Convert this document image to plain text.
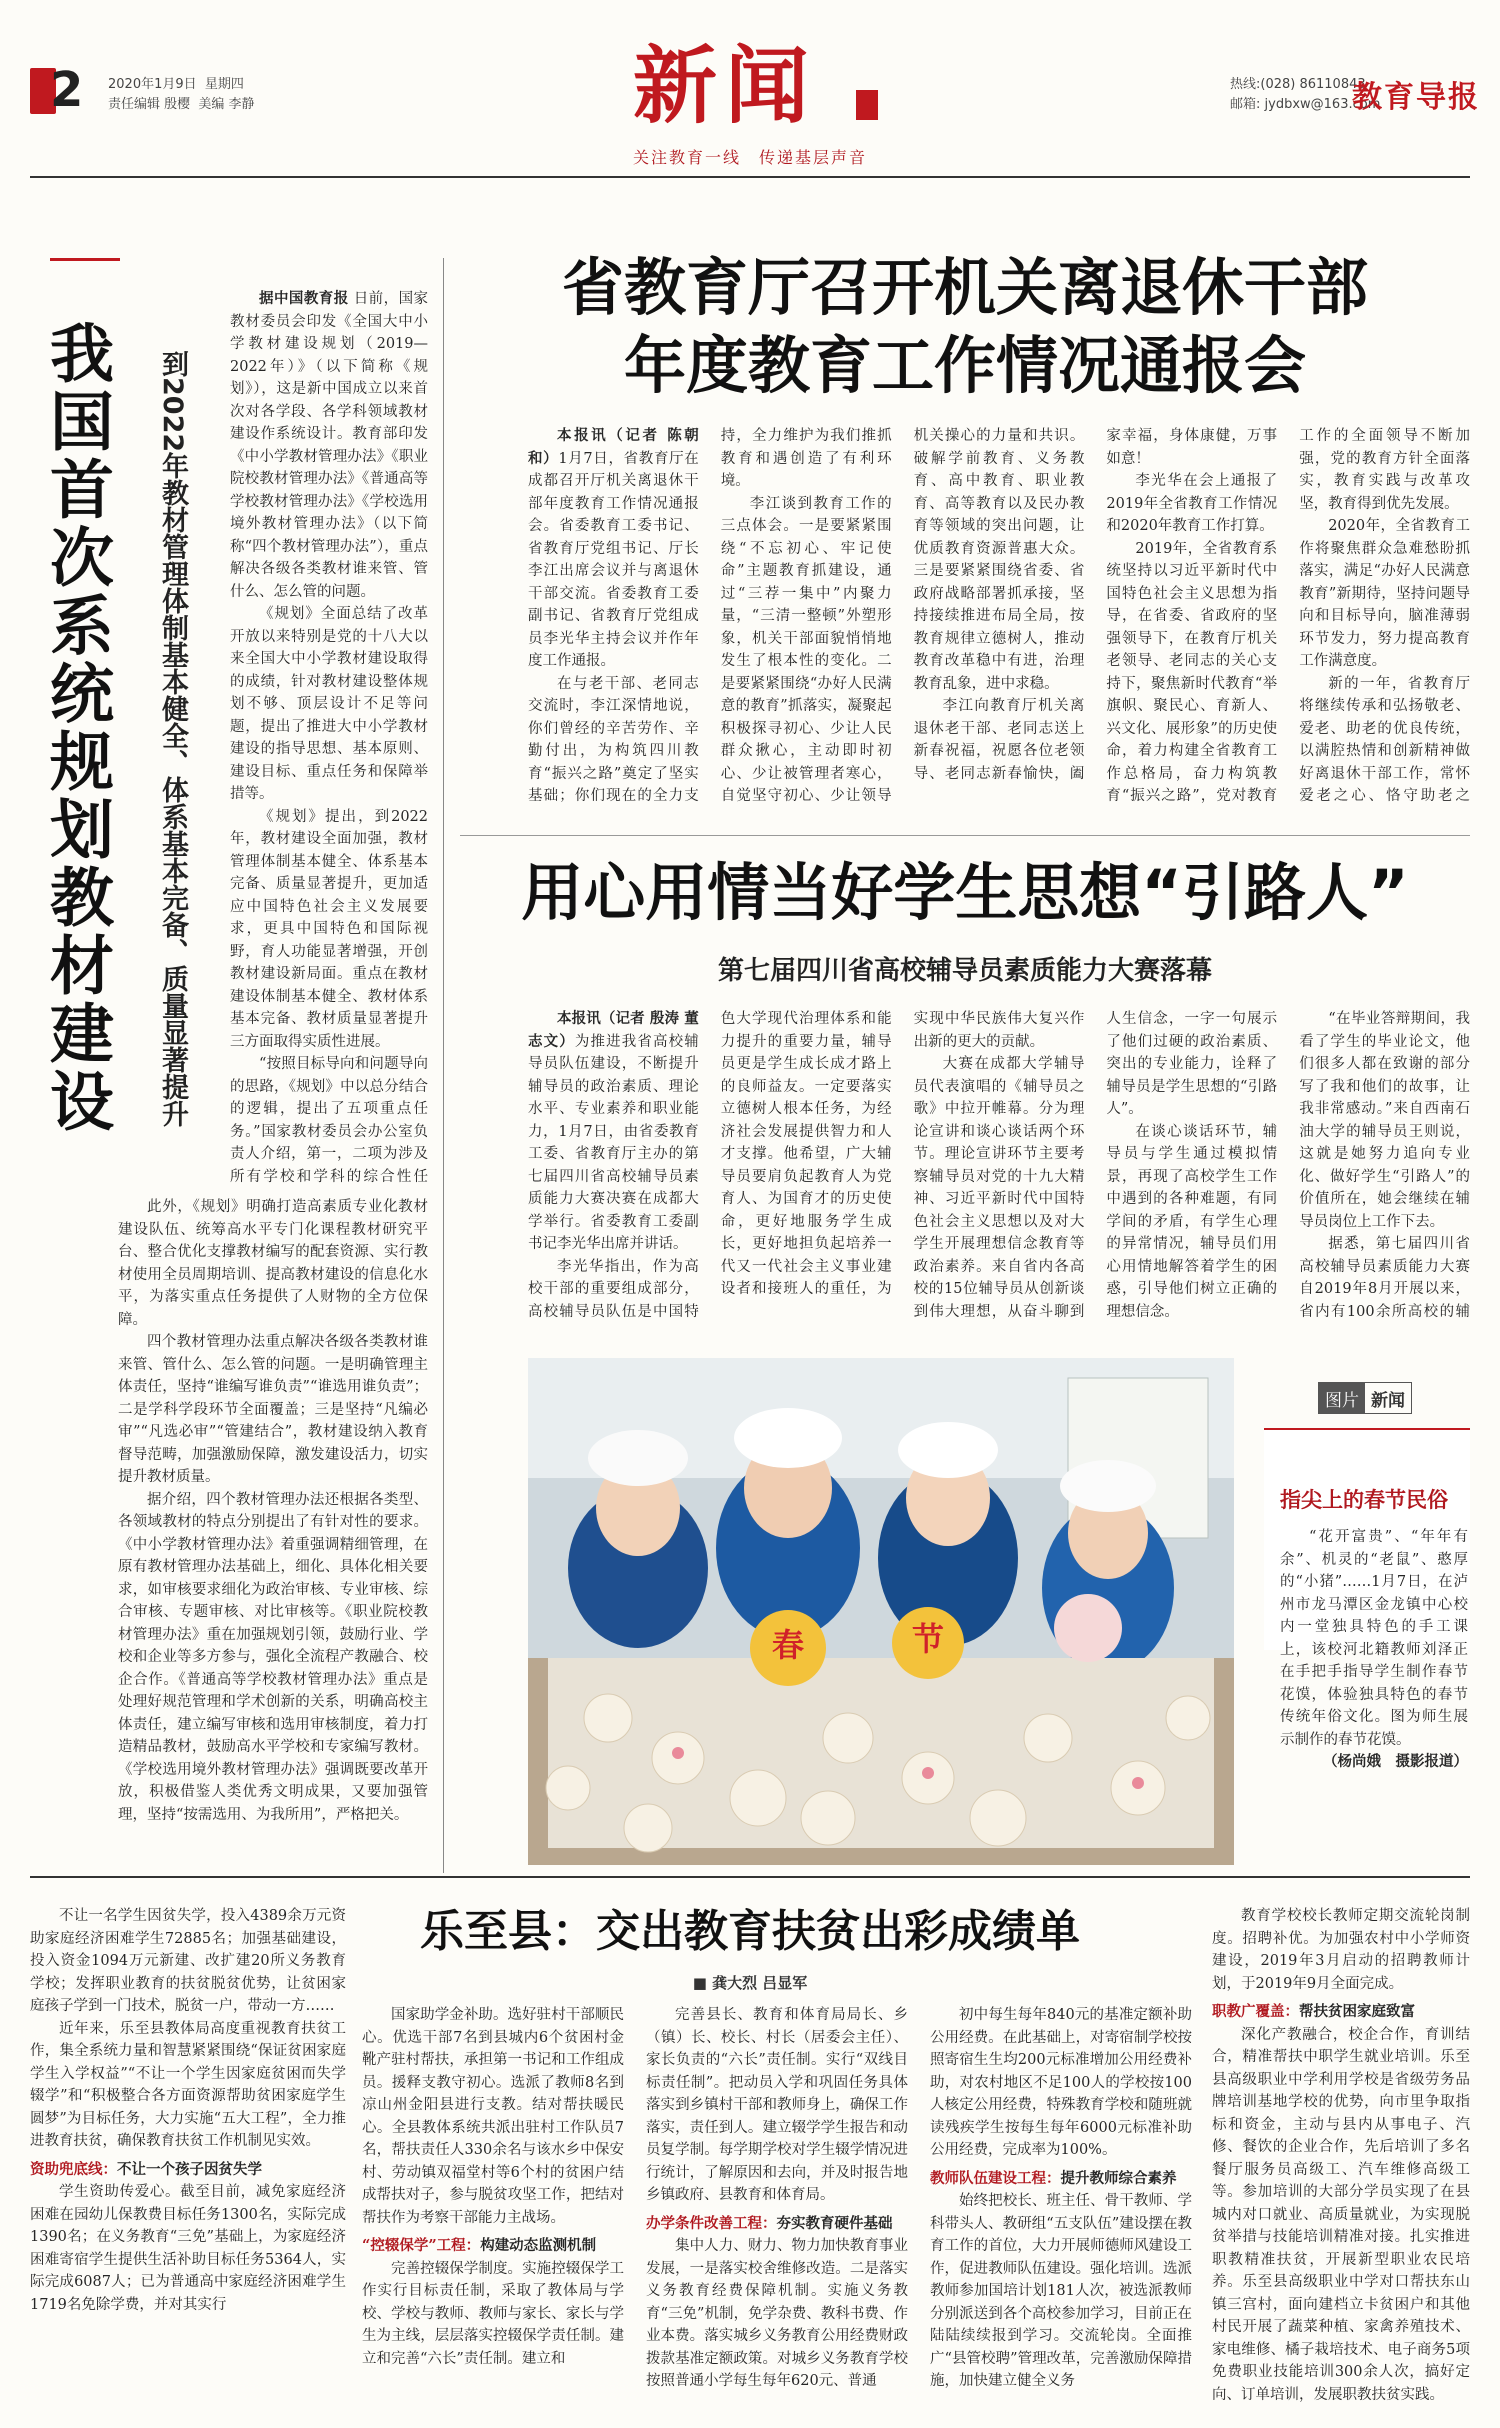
2 2020年1月9日 星期四
责任编辑 殷樱 美编 李静	新闻
关注教育一线　传递基层声音
热线:(028) 86110843
邮箱: jydbxw@163.com
教育导报
我国首次系统规划教材建设	到2022年教材管理体制基本健全、体系基本完备、质量显著提升

据中国教育报 日前，国家教材委员会印发《全国大中小学教材建设规划（2019—2022年）》（以下简称《规划》），这是新中国成立以来首次对各学段、各学科领域教材建设作系统设计。教育部印发《中小学教材管理办法》《职业院校教材管理办法》《普通高等学校教材管理办法》《学校选用境外教材管理办法》（以下简称“四个教材管理办法”），重点解决各级各类教材谁来管、管什么、怎么管的问题。

《规划》全面总结了改革开放以来特别是党的十八大以来全国大中小学教材建设取得的成绩，针对教材建设整体规划不够、顶层设计不足等问题，提出了推进大中小学教材建设的指导思想、基本原则、建设目标、重点任务和保障举措等。

《规划》提出，到2022年，教材建设全面加强，教材管理体制基本健全、体系基本完备、质量显著提升，更加适应中国特色社会主义发展要求，更具中国特色和国际视野，育人功能显著增强，开创教材建设新局面。重点在教材建设体制基本健全、教材体系基本完备、教材质量显著提升三方面取得实质性进展。

“按照目标导向和问题导向的思路，《规划》中以总分结合的逻辑，提出了五项重点任务。”国家教材委员会办公室负责人介绍，第一，二项为涉及所有学校和学科的综合性任

此外，《规划》明确打造高素质专业化教材建设队伍、统筹高水平专门化课程教材研究平台、整合优化支撑教材编写的配套资源、实行教材使用全员周期培训、提高教材建设的信息化水平，为落实重点任务提供了人财物的全方位保障。

四个教材管理办法重点解决各级各类教材谁来管、管什么、怎么管的问题。一是明确管理主体责任，坚持“谁编写谁负责”“谁选用谁负责”；二是学科学段环节全面覆盖；三是坚持“凡编必审”“凡选必审”“管建结合”，教材建设纳入教育督导范畴，加强激励保障，激发建设活力，切实提升教材质量。

据介绍，四个教材管理办法还根据各类型、各领域教材的特点分别提出了有针对性的要求。《中小学教材管理办法》着重强调精细管理，在原有教材管理办法基础上，细化、具体化相关要求，如审核要求细化为政治审核、专业审核、综合审核、专题审核、对比审核等。《职业院校教材管理办法》重在加强规划引领，鼓励行业、学校和企业等多方参与，强化全流程产教融合、校企合作。《普通高等学校教材管理办法》重点是处理好规范管理和学术创新的关系，明确高校主体责任，建立编写审核和选用审核制度，着力打造精品教材，鼓励高水平学校和专家编写教材。《学校选用境外教材管理办法》强调既要改革开放，积极借鉴人类优秀文明成果，又要加强管理，坚持“按需选用、为我所用”，严格把关。

省教育厅召开机关离退休干部
年度教育工作情况通报会

本报讯（记者 陈朝和）1月7日，省教育厅在成都召开厅机关离退休干部年度教育工作情况通报会。省委教育工委书记、省教育厅党组书记、厅长李江出席会议并与离退休干部交流。省委教育工委副书记、省教育厅党组成员李光华主持会议并作年度工作通报。

在与老干部、老同志交流时，李江深情地说，你们曾经的辛苦劳作、辛勤付出，为构筑四川教育“振兴之路”奠定了坚实基础；你们现在的全力支持，全力维护为我们推抓教育和遇创造了有利环境。

李江谈到教育工作的三点体会。一是要紧紧围绕“不忘初心、牢记使命”主题教育抓建设，通过“三荐一集中”内聚力量，“三清一整顿”外塑形象，机关干部面貌悄悄地发生了根本性的变化。二是要紧紧围绕“办好人民满意的教育”抓落实，凝聚起积极探寻初心、少让人民群众揪心，主动即时初心、少让被管理者寒心，自觉坚守初心、少让领导机关操心的力量和共识。破解学前教育、义务教育、高中教育、职业教育、高等教育以及民办教育等领域的突出问题，让优质教育资源普惠大众。三是要紧紧围绕省委、省政府战略部署抓承接，坚持接续推进布局全局，按教育规律立德树人，推动教育改革稳中有进，治理教育乱象，进中求稳。

李江向教育厅机关离退休老干部、老同志送上新春祝福，祝愿各位老领导、老同志新春愉快，阖家幸福，身体康健，万事如意！

李光华在会上通报了2019年全省教育工作情况和2020年教育工作打算。

2019年，全省教育系统坚持以习近平新时代中国特色社会主义思想为指导，在省委、省政府的坚强领导下，在教育厅机关老领导、老同志的关心支持下，聚焦新时代教育“举旗帜、聚民心、育新人、兴文化、展形象”的历史使命，着力构建全省教育工作总格局，奋力构筑教育“振兴之路”，党对教育工作的全面领导不断加强，党的教育方针全面落实，教育实践与改革攻坚，教育得到优先发展。

2020年，全省教育工作将聚焦群众急难愁盼抓落实，满足“办好人民满意教育”新期待，坚持问题导向和目标导向，脑准薄弱环节发力，努力提高教育工作满意度。

新的一年，省教育厅将继续传承和弘扬敬老、爱老、助老的优良传统，以满腔热情和创新精神做好离退休干部工作，常怀爱老之心、恪守助老之

用心用情当好学生思想“引路人”
第七届四川省高校辅导员素质能力大赛落幕

本报讯（记者 殷涛 董志文）为推进我省高校辅导员队伍建设，不断提升辅导员的政治素质、理论水平、专业素养和职业能力，1月7日，由省委教育工委、省教育厅主办的第七届四川省高校辅导员素质能力大赛决赛在成都大学举行。省委教育工委副书记李光华出席并讲话。

李光华指出，作为高校干部的重要组成部分，高校辅导员队伍是中国特色大学现代治理体系和能力提升的重要力量，辅导员更是学生成长成才路上的良师益友。一定要落实立德树人根本任务，为经济社会发展提供智力和人才支撑。他希望，广大辅导员要肩负起教育人为党育人、为国育才的历史使命，更好地服务学生成长，更好地担负起培养一代又一代社会主义事业建设者和接班人的重任，为实现中华民族伟大复兴作出新的更大的贡献。

大赛在成都大学辅导员代表演唱的《辅导员之歌》中拉开帷幕。分为理论宣讲和谈心谈话两个环节。理论宣讲环节主要考察辅导员对党的十九大精神、习近平新时代中国特色社会主义思想以及对大学生开展理想信念教育等政治素养。来自省内各高校的15位辅导员从创新谈到伟大理想，从奋斗聊到人生信念，一字一句展示了他们过硬的政治素质、突出的专业能力，诠释了辅导员是学生思想的“引路人”。

在谈心谈话环节，辅导员与学生通过模拟情景，再现了高校学生工作中遇到的各种难题，有同学间的矛盾，有学生心理的异常情况，辅导员们用心用情地解答着学生的困惑，引导他们树立正确的理想信念。

“在毕业答辩期间，我看了学生的毕业论文，他们很多人都在致谢的部分写了我和他们的故事，让我非常感动。”来自西南石油大学的辅导员王则说，这就是她努力追向专业化、做好学生“引路人”的价值所在，她会继续在辅导员岗位上工作下去。

据悉，第七届四川省高校辅导员素质能力大赛自2019年8月开展以来，省内有100余所高校的辅

春	节
图片 新闻
指尖上的春节民俗

“花开富贵”、“年年有余”、机灵的“老鼠”、憨厚的“小猪”……1月7日，在泸州市龙马潭区金龙镇中心校内一堂独具特色的手工课上，该校河北籍教师刘泽正在手把手指导学生制作春节花馍，体验独具特色的春节传统年俗文化。图为师生展示制作的春节花馍。

（杨尚娥　摄影报道）

不让一名学生因贫失学，投入4389余万元资助家庭经济困难学生72885名；加强基础建设，投入资金1094万元新建、改扩建20所义务教育学校；发挥职业教育的扶贫脱贫优势，让贫困家庭孩子学到一门技术，脱贫一户，带动一方……

近年来，乐至县教体局高度重视教育扶贫工作，集全系统力量和智慧紧紧围绕“保证贫困家庭学生入学权益”“不让一个学生因家庭贫困而失学辍学”和“积极整合各方面资源帮助贫困家庭学生圆梦”为目标任务，大力实施“五大工程”，全力推进教育扶贫，确保教育扶贫工作机制见实效。

资助兜底线：不让一个孩子因贫失学

学生资助传爱心。截至目前，减免家庭经济困难在园幼儿保教费目标任务1300名，实际完成1390名；在义务教育“三免”基础上，为家庭经济困难寄宿学生提供生活补助目标任务5364人，实际完成6087人；已为普通高中家庭经济困难学生1719名免除学费，并对其实行

乐至县：交出教育扶贫出彩成绩单
■ 龚大烈 吕显军

国家助学金补助。选好驻村干部顺民心。优选干部7名到县城内6个贫困村金靴产驻村帮扶，承担第一书记和工作组成员。援释支教守初心。选派了教师8名到凉山州金阳县进行支教。结对帮扶暖民心。全县教体系统共派出驻村工作队员7名，帮扶责任人330余名与该水乡中保安村、劳动镇双福堂村等6个村的贫困户结成帮扶对子，参与脱贫攻坚工作，把结对帮扶作为考察干部能力主战场。

“控辍保学”工程：构建动态监测机制

完善控辍保学制度。实施控辍保学工作实行目标责任制，采取了教体局与学校、学校与教师、教师与家长、家长与学生为主线，层层落实控辍保学责任制。建立和完善“六长”责任制。建立和

完善县长、教育和体育局局长、乡（镇）长、校长、村长（居委会主任）、家长负责的“六长”责任制。实行“双线目标责任制”。把动员入学和巩固任务具体落实到乡镇村干部和教师身上，确保工作落实，责任到人。建立辍学学生报告和动员复学制。每学期学校对学生辍学情况进行统计，了解原因和去向，并及时报告地乡镇政府、县教育和体育局。

办学条件改善工程：夯实教育硬件基础

集中人力、财力、物力加快教育事业发展，一是落实校舍维修改造。二是落实义务教育经费保障机制。实施义务教育“三免”机制，免学杂费、教科书费、作业本费。落实城乡义务教育公用经费财政拨款基准定额政策。对城乡义务教育学校按照普通小学每生每年620元、普通

初中每生每年840元的基准定额补助公用经费。在此基础上，对寄宿制学校按照寄宿生生均200元标准增加公用经费补助，对农村地区不足100人的学校按100人核定公用经费，特殊教育学校和随班就读残疾学生按每生每年6000元标准补助公用经费，完成率为100%。

教师队伍建设工程：提升教师综合素养

始终把校长、班主任、骨干教师、学科带头人、教研组“五支队伍”建设摆在教育工作的首位，大力开展师德师风建设工作，促进教师队伍建设。强化培训。选派教师参加国培计划181人次，被选派教师分别派送到各个高校参加学习，目前正在陆陆续续报到学习。交流轮岗。全面推广“县管校聘”管理改革，完善激励保障措施，加快建立健全义务

教育学校校长教师定期交流轮岗制度。招聘补优。为加强农村中小学师资建设，2019年3月启动的招聘教师计划，于2019年9月全面完成。

职教广覆盖：帮扶贫困家庭致富

深化产教融合，校企合作，育训结合，精准帮扶中职学生就业培训。乐至县高级职业中学利用学校是省级劳务品牌培训基地学校的优势，向市里争取指标和资金，主动与县内从事电子、汽修、餐饮的企业合作，先后培训了多名餐厅服务员高级工、汽车维修高级工等。参加培训的大部分学员实现了在县城内对口就业、高质量就业，为实现脱贫举措与技能培训精准对接。扎实推进职教精准扶贫，开展新型职业农民培养。乐至县高级职业中学对口帮扶东山镇三宫村，面向建档立卡贫困户和其他村民开展了蔬菜种植、家禽养殖技术、家电维修、橘子栽培技术、电子商务5项免费职业技能培训300余人次，搞好定向、订单培训，发展职教扶贫实践。
